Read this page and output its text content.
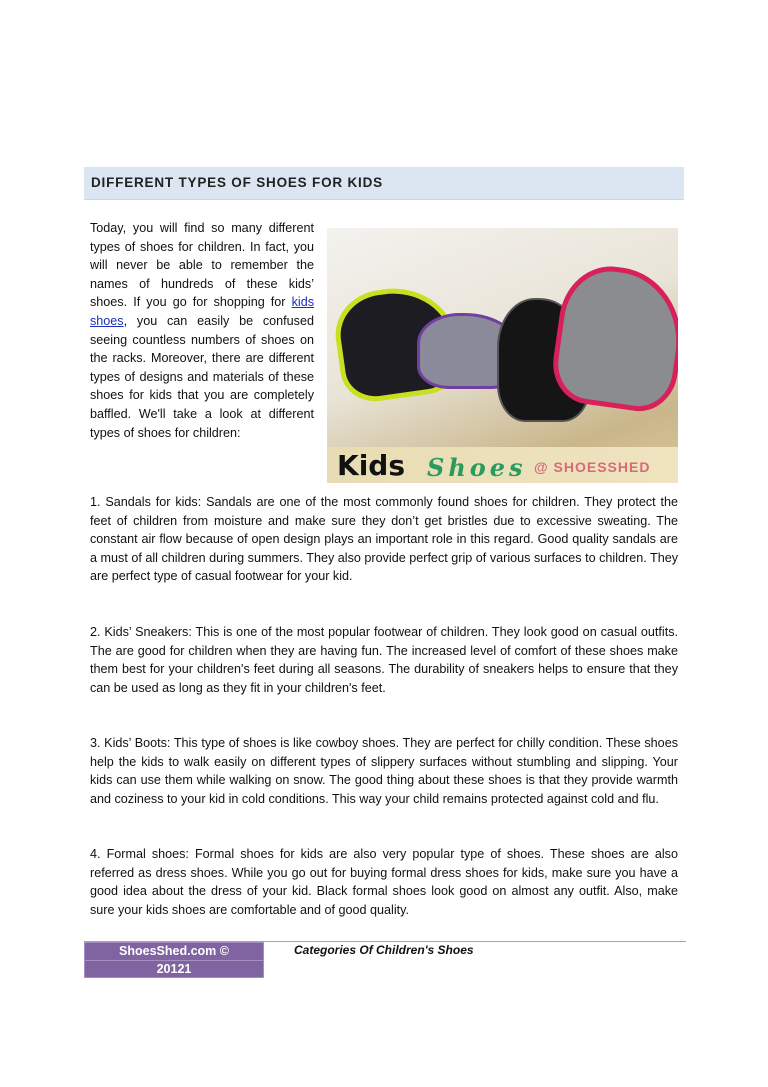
DIFFERENT TYPES OF SHOES FOR KIDS
Today, you will find so many different types of shoes for children. In fact, you will never be able to remember the names of hundreds of these kids’ shoes. If you go for shopping for kids shoes, you can easily be confused seeing countless numbers of shoes on the racks. Moreover, there are different types of designs and materials of these shoes for kids that you are completely baffled. We'll take a look at different types of shoes for children:
Kids Shoes @ SHOESSHED
1. Sandals for kids: Sandals are one of the most commonly found shoes for children. They protect the feet of children from moisture and make sure they don’t get bristles due to excessive sweating. The constant air flow because of open design plays an important role in this regard. Good quality sandals are a must of all children during summers. They also provide perfect grip of various surfaces to children. They are perfect type of casual footwear for your kid.
2. Kids’ Sneakers: This is one of the most popular footwear of children. They look good on casual outfits. The are good for children when they are having fun. The increased level of comfort of these shoes make them best for your children's feet during all seasons. The durability of sneakers helps to ensure that they can be used as long as they fit in your children's feet.
3. Kids’ Boots: This type of shoes is like cowboy shoes. They are perfect for chilly condition. These shoes help the kids to walk easily on different types of slippery surfaces without stumbling and slipping. Your kids can use them while walking on snow. The good thing about these shoes is that they provide warmth and coziness to your kid in cold conditions. This way your child remains protected against cold and flu.
4. Formal shoes: Formal shoes for kids are also very popular type of shoes. These shoes are also referred as dress shoes. While you go out for buying formal dress shoes for kids, make sure you have a good idea about the dress of your kid. Black formal shoes look good on almost any outfit. Also, make sure your kids shoes are comfortable and of good quality.
ShoesShed.com ©
20121
Categories Of Children's Shoes
